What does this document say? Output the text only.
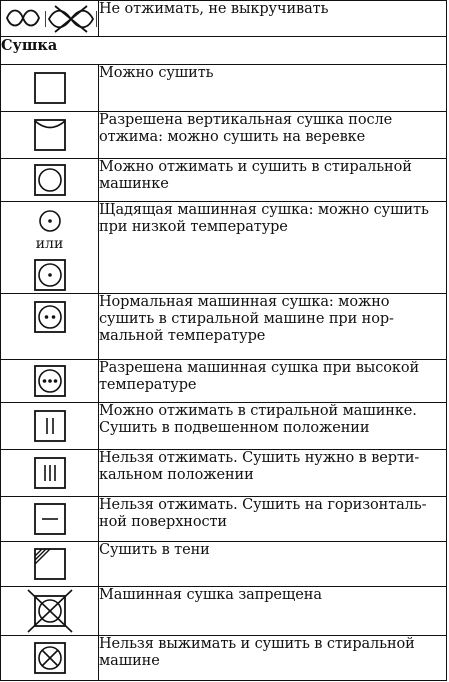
	Не отжимать, не выкручивать
Сушка	

	Можно сушить

	Разрешена вертикальная сушка после отжима: можно сушить на веревке

	Можно отжимать и сушить в стиральной машинке

или	Щадящая машинная сушка: можно сушить при низкой температуре

	Нормальная машинная сушка: можно сушить в стиральной машине при нор-мальной температуре

	Разрешена машинная сушка при высокой температуре

	Можно отжимать в стиральной машинке. Сушить в подвешенном положении

	Нельзя отжимать. Сушить нужно в верти-кальном положении

	Нельзя отжимать. Сушить на горизонталь-ной поверхности

	Сушить в тени

	Машинная сушка запрещена

	Нельзя выжимать и сушить в стиральной машине
